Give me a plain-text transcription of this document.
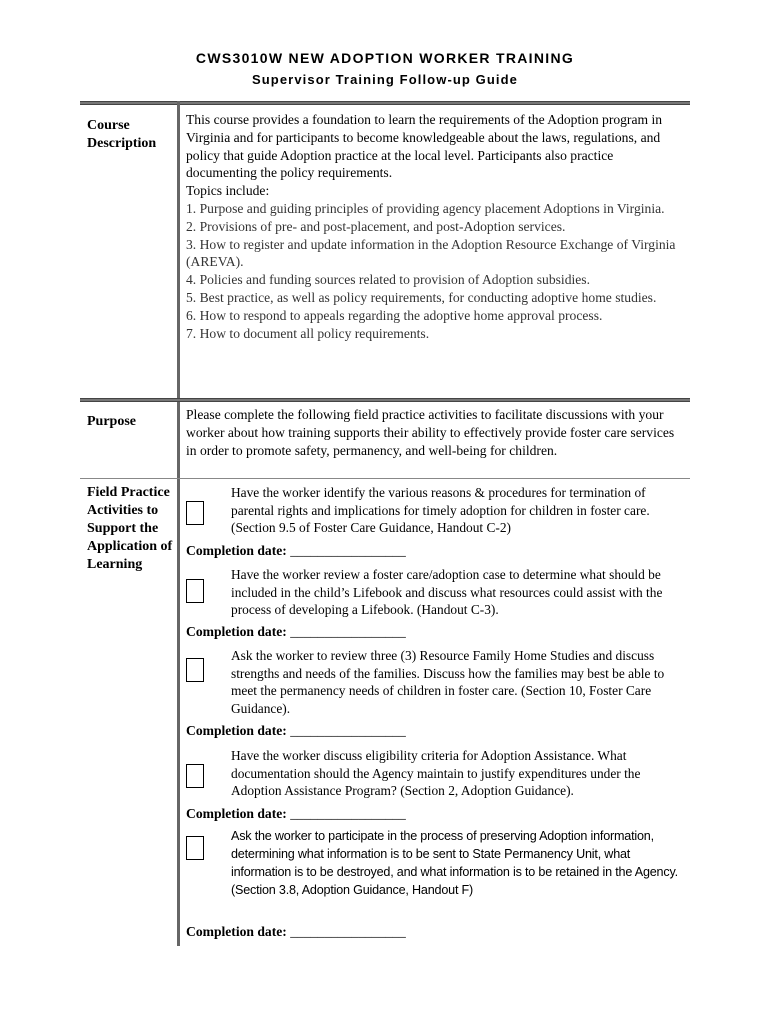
CWS3010W NEW ADOPTION WORKER TRAINING
Supervisor Training Follow-up Guide
Course Description

This course provides a foundation to learn the requirements of the Adoption program in Virginia and for participants to become knowledgeable about the laws, regulations, and policy that guide Adoption practice at the local level. Participants also practice documenting the policy requirements.

Topics include:

1. Purpose and guiding principles of providing agency placement Adoptions in Virginia.

2. Provisions of pre- and post-placement, and post-Adoption services.

3. How to register and update information in the Adoption Resource Exchange of Virginia (AREVA).

4. Policies and funding sources related to provision of Adoption subsidies.

5. Best practice, as well as policy requirements, for conducting adoptive home studies.

6. How to respond to appeals regarding the adoptive home approval process.

7. How to document all policy requirements.

Purpose	Please complete the following field practice activities to facilitate discussions with your worker about how training supports their ability to effectively provide foster care services in order to promote safety, permanency, and well-being for children.
Field Practice Activities to Support the Application of Learning
Have the worker identify the various reasons & procedures for termination of parental rights and implications for timely adoption for children in foster care. (Section 9.5 of Foster Care Guidance, Handout C-2)
Completion date: _________________
Have the worker review a foster care/adoption case to determine what should be included in the child’s Lifebook and discuss what resources could assist with the process of developing a Lifebook. (Handout C-3).
Completion date: _________________
Ask the worker to review three (3) Resource Family Home Studies and discuss strengths and needs of the families. Discuss how the families may best be able to meet the permanency needs of children in foster care. (Section 10, Foster Care Guidance).
Completion date: _________________
Have the worker discuss eligibility criteria for Adoption Assistance. What documentation should the Agency maintain to justify expenditures under the Adoption Assistance Program? (Section 2, Adoption Guidance).
Completion date: _________________
Ask the worker to participate in the process of preserving Adoption information, determining what information is to be sent to State Permanency Unit, what information is to be destroyed, and what information is to be retained in the Agency. (Section 3.8, Adoption Guidance, Handout F)
Completion date: _________________
